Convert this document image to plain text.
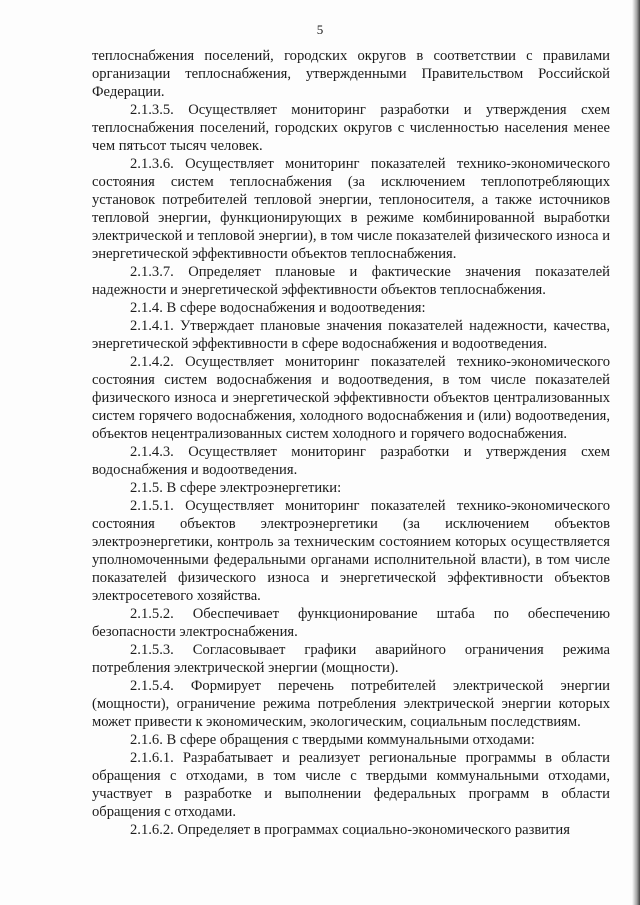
5

теплоснабжения поселений, городских округов в соответствии с правилами организации теплоснабжения, утвержденными Правительством Российской Федерации.

2.1.3.5. Осуществляет мониторинг разработки и утверждения схем теплоснабжения поселений, городских округов с численностью населения менее чем пятьсот тысяч человек.

2.1.3.6. Осуществляет мониторинг показателей технико-экономического состояния систем теплоснабжения (за исключением теплопотребляющих установок потребителей тепловой энергии, теплоносителя, а также источников тепловой энергии, функционирующих в режиме комбинированной выработки электрической и тепловой энергии), в том числе показателей физического износа и энергетической эффективности объектов теплоснабжения.

2.1.3.7. Определяет плановые и фактические значения показателей надежности и энергетической эффективности объектов теплоснабжения.

2.1.4. В сфере водоснабжения и водоотведения:

2.1.4.1. Утверждает плановые значения показателей надежности, качества, энергетической эффективности в сфере водоснабжения и водоотведения.

2.1.4.2. Осуществляет мониторинг показателей технико-экономического состояния систем водоснабжения и водоотведения, в том числе показателей физического износа и энергетической эффективности объектов централизованных систем горячего водоснабжения, холодного водоснабжения и (или) водоотведения, объектов нецентрализованных систем холодного и горячего водоснабжения.

2.1.4.3. Осуществляет мониторинг разработки и утверждения схем водоснабжения и водоотведения.

2.1.5. В сфере электроэнергетики:

2.1.5.1. Осуществляет мониторинг показателей технико-экономического состояния объектов электроэнергетики (за исключением объектов электроэнергетики, контроль за техническим состоянием которых осуществляется уполномоченными федеральными органами исполнительной власти), в том числе показателей физического износа и энергетической эффективности объектов электросетевого хозяйства.

2.1.5.2. Обеспечивает функционирование штаба по обеспечению безопасности электроснабжения.

2.1.5.3. Согласовывает графики аварийного ограничения режима потребления электрической энергии (мощности).

2.1.5.4. Формирует перечень потребителей электрической энергии (мощности), ограничение режима потребления электрической энергии которых может привести к экономическим, экологическим, социальным последствиям.

2.1.6. В сфере обращения с твердыми коммунальными отходами:

2.1.6.1. Разрабатывает и реализует региональные программы в области обращения с отходами, в том числе с твердыми коммунальными отходами, участвует в разработке и выполнении федеральных программ в области обращения с отходами.

2.1.6.2. Определяет в программах социально-экономического развития
